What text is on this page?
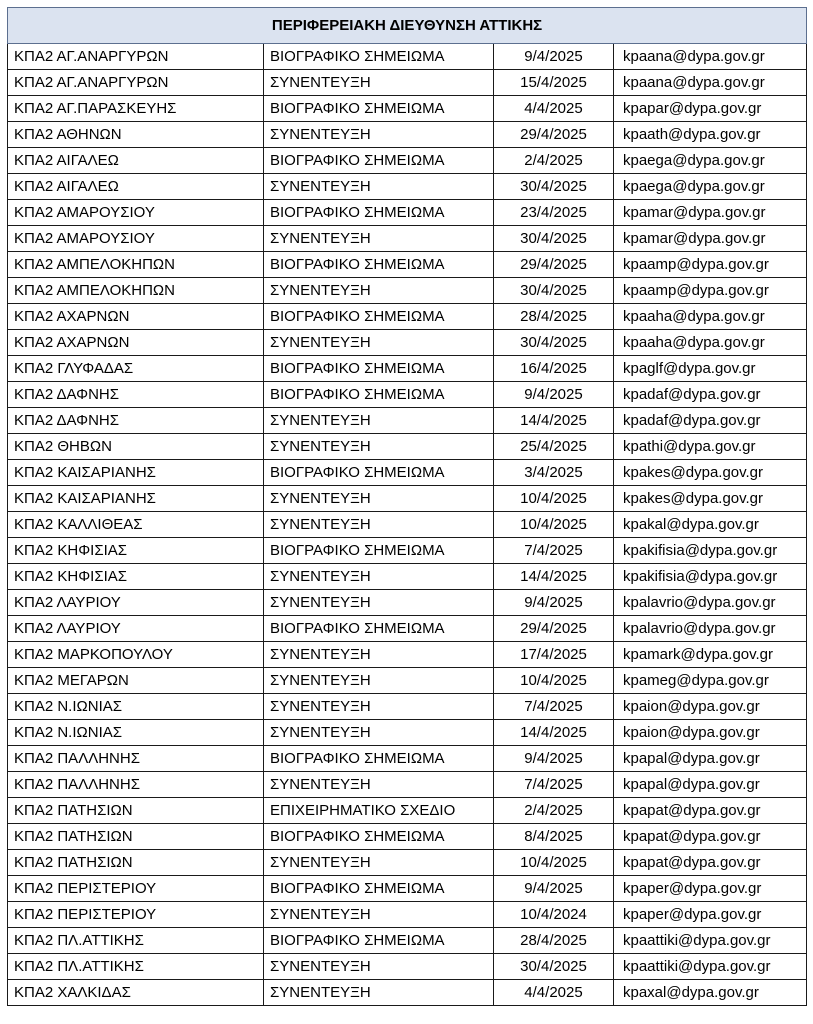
ΠΕΡΙΦΕΡΕΙΑΚΗ ΔΙΕΥΘΥΝΣΗ ΑΤΤΙΚΗΣ			
ΚΠΑ2 ΑΓ.ΑΝΑΡΓΥΡΩΝ	ΒΙΟΓΡΑΦΙΚΟ ΣΗΜΕΙΩΜΑ	9/4/2025	kpaana@dypa.gov.gr
ΚΠΑ2 ΑΓ.ΑΝΑΡΓΥΡΩΝ	ΣΥΝΕΝΤΕΥΞΗ	15/4/2025	kpaana@dypa.gov.gr
ΚΠΑ2 ΑΓ.ΠΑΡΑΣΚΕΥΗΣ	ΒΙΟΓΡΑΦΙΚΟ ΣΗΜΕΙΩΜΑ	4/4/2025	kpapar@dypa.gov.gr
ΚΠΑ2 ΑΘΗΝΩΝ	ΣΥΝΕΝΤΕΥΞΗ	29/4/2025	kpaath@dypa.gov.gr
ΚΠΑ2 ΑΙΓΑΛΕΩ	ΒΙΟΓΡΑΦΙΚΟ ΣΗΜΕΙΩΜΑ	2/4/2025	kpaega@dypa.gov.gr
ΚΠΑ2 ΑΙΓΑΛΕΩ	ΣΥΝΕΝΤΕΥΞΗ	30/4/2025	kpaega@dypa.gov.gr
ΚΠΑ2 ΑΜΑΡΟΥΣΙΟΥ	ΒΙΟΓΡΑΦΙΚΟ ΣΗΜΕΙΩΜΑ	23/4/2025	kpamar@dypa.gov.gr
ΚΠΑ2 ΑΜΑΡΟΥΣΙΟΥ	ΣΥΝΕΝΤΕΥΞΗ	30/4/2025	kpamar@dypa.gov.gr
ΚΠΑ2 ΑΜΠΕΛΟΚΗΠΩΝ	ΒΙΟΓΡΑΦΙΚΟ ΣΗΜΕΙΩΜΑ	29/4/2025	kpaamp@dypa.gov.gr
ΚΠΑ2 ΑΜΠΕΛΟΚΗΠΩΝ	ΣΥΝΕΝΤΕΥΞΗ	30/4/2025	kpaamp@dypa.gov.gr
ΚΠΑ2 ΑΧΑΡΝΩΝ	ΒΙΟΓΡΑΦΙΚΟ ΣΗΜΕΙΩΜΑ	28/4/2025	kpaaha@dypa.gov.gr
ΚΠΑ2 ΑΧΑΡΝΩΝ	ΣΥΝΕΝΤΕΥΞΗ	30/4/2025	kpaaha@dypa.gov.gr
ΚΠΑ2 ΓΛΥΦΑΔΑΣ	ΒΙΟΓΡΑΦΙΚΟ ΣΗΜΕΙΩΜΑ	16/4/2025	kpaglf@dypa.gov.gr
ΚΠΑ2 ΔΑΦΝΗΣ	ΒΙΟΓΡΑΦΙΚΟ ΣΗΜΕΙΩΜΑ	9/4/2025	kpadaf@dypa.gov.gr
ΚΠΑ2 ΔΑΦΝΗΣ	ΣΥΝΕΝΤΕΥΞΗ	14/4/2025	kpadaf@dypa.gov.gr
ΚΠΑ2 ΘΗΒΩΝ	ΣΥΝΕΝΤΕΥΞΗ	25/4/2025	kpathi@dypa.gov.gr
ΚΠΑ2 ΚΑΙΣΑΡΙΑΝΗΣ	ΒΙΟΓΡΑΦΙΚΟ ΣΗΜΕΙΩΜΑ	3/4/2025	kpakes@dypa.gov.gr
ΚΠΑ2 ΚΑΙΣΑΡΙΑΝΗΣ	ΣΥΝΕΝΤΕΥΞΗ	10/4/2025	kpakes@dypa.gov.gr
ΚΠΑ2 ΚΑΛΛΙΘΕΑΣ	ΣΥΝΕΝΤΕΥΞΗ	10/4/2025	kpakal@dypa.gov.gr
ΚΠΑ2 ΚΗΦΙΣΙΑΣ	ΒΙΟΓΡΑΦΙΚΟ ΣΗΜΕΙΩΜΑ	7/4/2025	kpakifisia@dypa.gov.gr
ΚΠΑ2 ΚΗΦΙΣΙΑΣ	ΣΥΝΕΝΤΕΥΞΗ	14/4/2025	kpakifisia@dypa.gov.gr
ΚΠΑ2 ΛΑΥΡΙΟΥ	ΣΥΝΕΝΤΕΥΞΗ	9/4/2025	kpalavrio@dypa.gov.gr
ΚΠΑ2 ΛΑΥΡΙΟΥ	ΒΙΟΓΡΑΦΙΚΟ ΣΗΜΕΙΩΜΑ	29/4/2025	kpalavrio@dypa.gov.gr
ΚΠΑ2 ΜΑΡΚΟΠΟΥΛΟΥ	ΣΥΝΕΝΤΕΥΞΗ	17/4/2025	kpamark@dypa.gov.gr
ΚΠΑ2 ΜΕΓΑΡΩΝ	ΣΥΝΕΝΤΕΥΞΗ	10/4/2025	kpameg@dypa.gov.gr
ΚΠΑ2 Ν.ΙΩΝΙΑΣ	ΣΥΝΕΝΤΕΥΞΗ	7/4/2025	kpaion@dypa.gov.gr
ΚΠΑ2 Ν.ΙΩΝΙΑΣ	ΣΥΝΕΝΤΕΥΞΗ	14/4/2025	kpaion@dypa.gov.gr
ΚΠΑ2 ΠΑΛΛΗΝΗΣ	ΒΙΟΓΡΑΦΙΚΟ ΣΗΜΕΙΩΜΑ	9/4/2025	kpapal@dypa.gov.gr
ΚΠΑ2 ΠΑΛΛΗΝΗΣ	ΣΥΝΕΝΤΕΥΞΗ	7/4/2025	kpapal@dypa.gov.gr
ΚΠΑ2 ΠΑΤΗΣΙΩΝ	ΕΠΙΧΕΙΡΗΜΑΤΙΚΟ ΣΧΕΔΙΟ	2/4/2025	kpapat@dypa.gov.gr
ΚΠΑ2 ΠΑΤΗΣΙΩΝ	ΒΙΟΓΡΑΦΙΚΟ ΣΗΜΕΙΩΜΑ	8/4/2025	kpapat@dypa.gov.gr
ΚΠΑ2 ΠΑΤΗΣΙΩΝ	ΣΥΝΕΝΤΕΥΞΗ	10/4/2025	kpapat@dypa.gov.gr
ΚΠΑ2 ΠΕΡΙΣΤΕΡΙΟΥ	ΒΙΟΓΡΑΦΙΚΟ ΣΗΜΕΙΩΜΑ	9/4/2025	kpaper@dypa.gov.gr
ΚΠΑ2 ΠΕΡΙΣΤΕΡΙΟΥ	ΣΥΝΕΝΤΕΥΞΗ	10/4/2024	kpaper@dypa.gov.gr
ΚΠΑ2 ΠΛ.ΑΤΤΙΚΗΣ	ΒΙΟΓΡΑΦΙΚΟ ΣΗΜΕΙΩΜΑ	28/4/2025	kpaattiki@dypa.gov.gr
ΚΠΑ2 ΠΛ.ΑΤΤΙΚΗΣ	ΣΥΝΕΝΤΕΥΞΗ	30/4/2025	kpaattiki@dypa.gov.gr
ΚΠΑ2 ΧΑΛΚΙΔΑΣ	ΣΥΝΕΝΤΕΥΞΗ	4/4/2025	kpaxal@dypa.gov.gr
